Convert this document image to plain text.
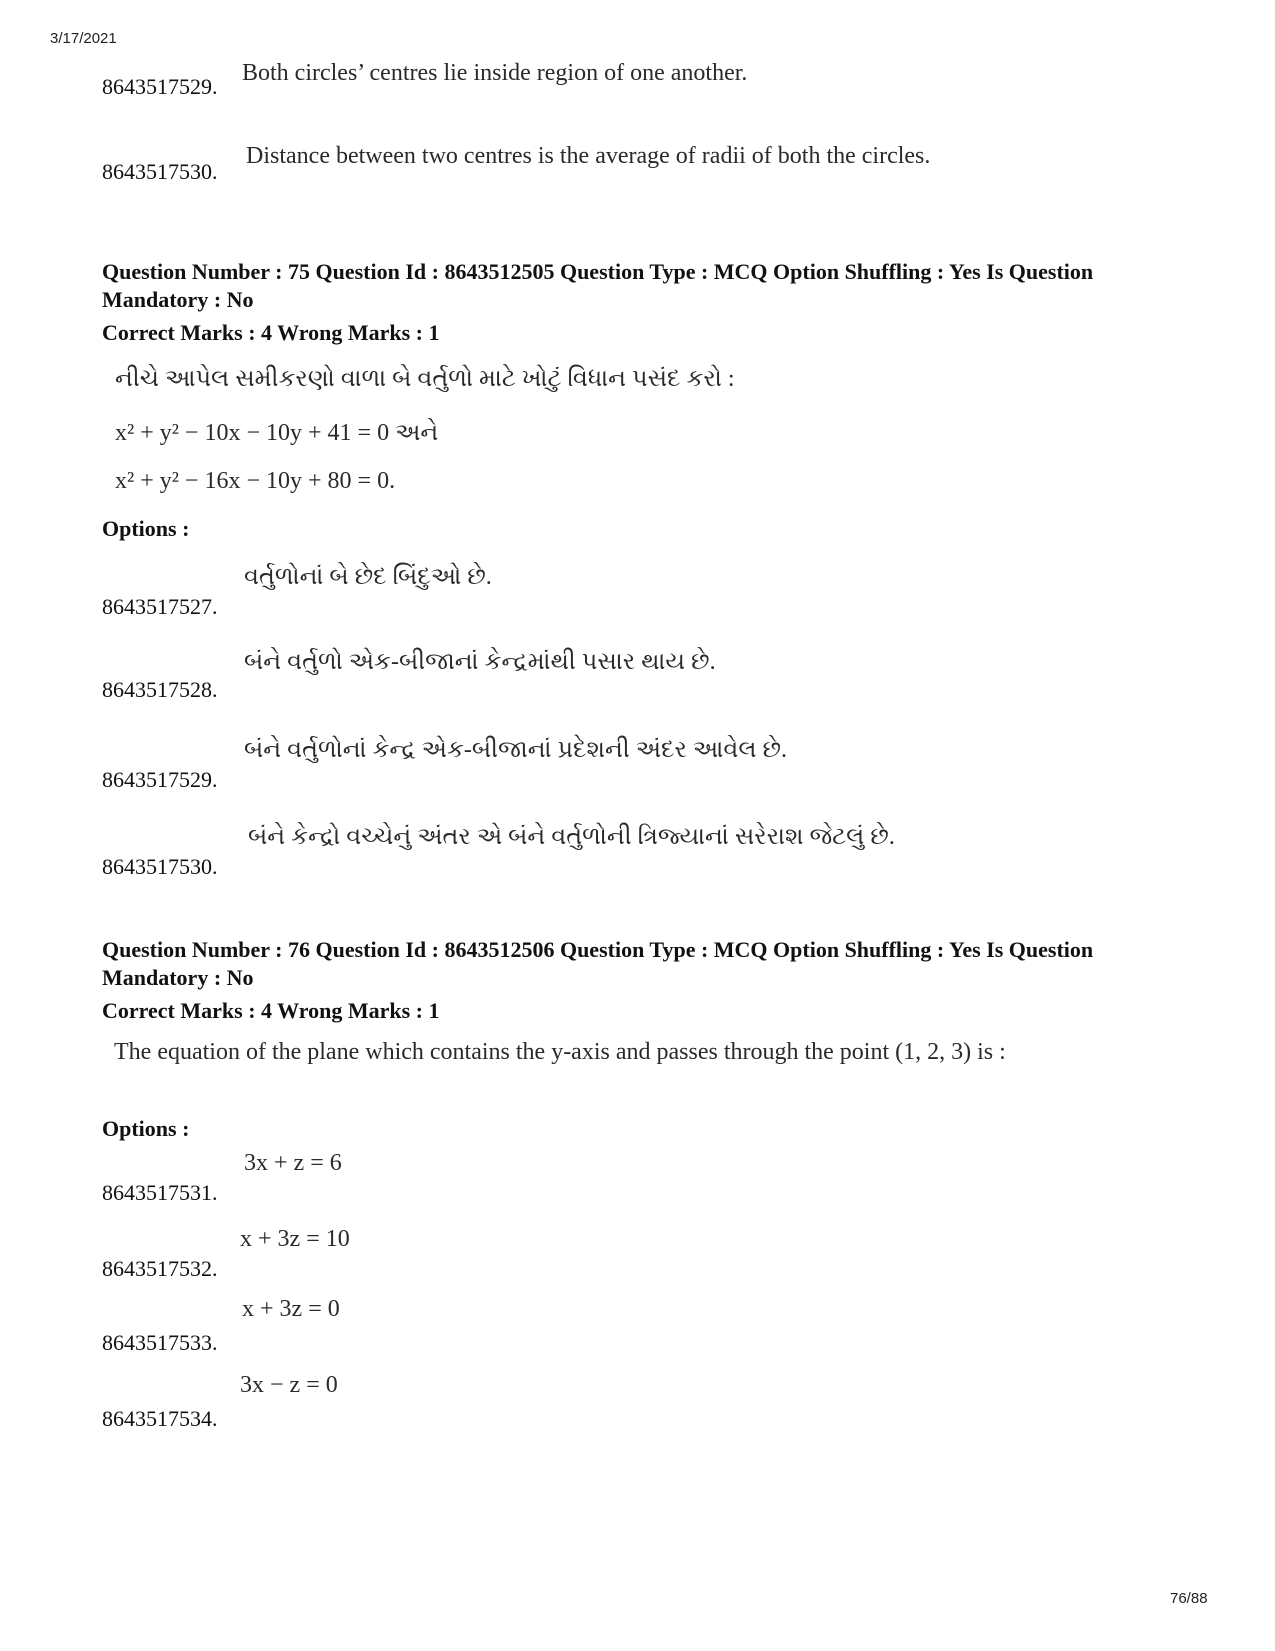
3/17/2021
8643517529.
Both circles’ centres lie inside region of one another.
8643517530.
Distance between two centres is the average of radii of both the circles.
Question Number : 75 Question Id : 8643512505 Question Type : MCQ Option Shuffling : Yes Is Question Mandatory : No
Correct Marks : 4 Wrong Marks : 1
નીચે આપેલ સમીકરણો વાળા બે વર્તુળો માટે ખોટું વિધાન પસંદ કરો :
x² + y² − 10x − 10y + 41 = 0 અને
x² + y² − 16x − 10y + 80 = 0.
Options :
8643517527.
વર્તુળોનાં બે છેદ બિંદુઓ છે.
8643517528.
બંને વર્તુળો એક-બીજાનાં કેન્દ્રમાંથી પસાર થાય છે.
8643517529.
બંને વર્તુળોનાં કેન્દ્ર એક-બીજાનાં પ્રદેશની અંદર આવેલ છે.
8643517530.
બંને કેન્દ્રો વચ્ચેનું અંતર એ બંને વર્તુળોની ત્રિજ્યાનાં સરેરાશ જેટલું છે.
Question Number : 76 Question Id : 8643512506 Question Type : MCQ Option Shuffling : Yes Is Question Mandatory : No
Correct Marks : 4 Wrong Marks : 1
The equation of the plane which contains the y-axis and passes through the point (1, 2, 3) is :
Options :
8643517531.
3x + z = 6
8643517532.
x + 3z = 10
8643517533.
x + 3z = 0
8643517534.
3x − z = 0
76/88
